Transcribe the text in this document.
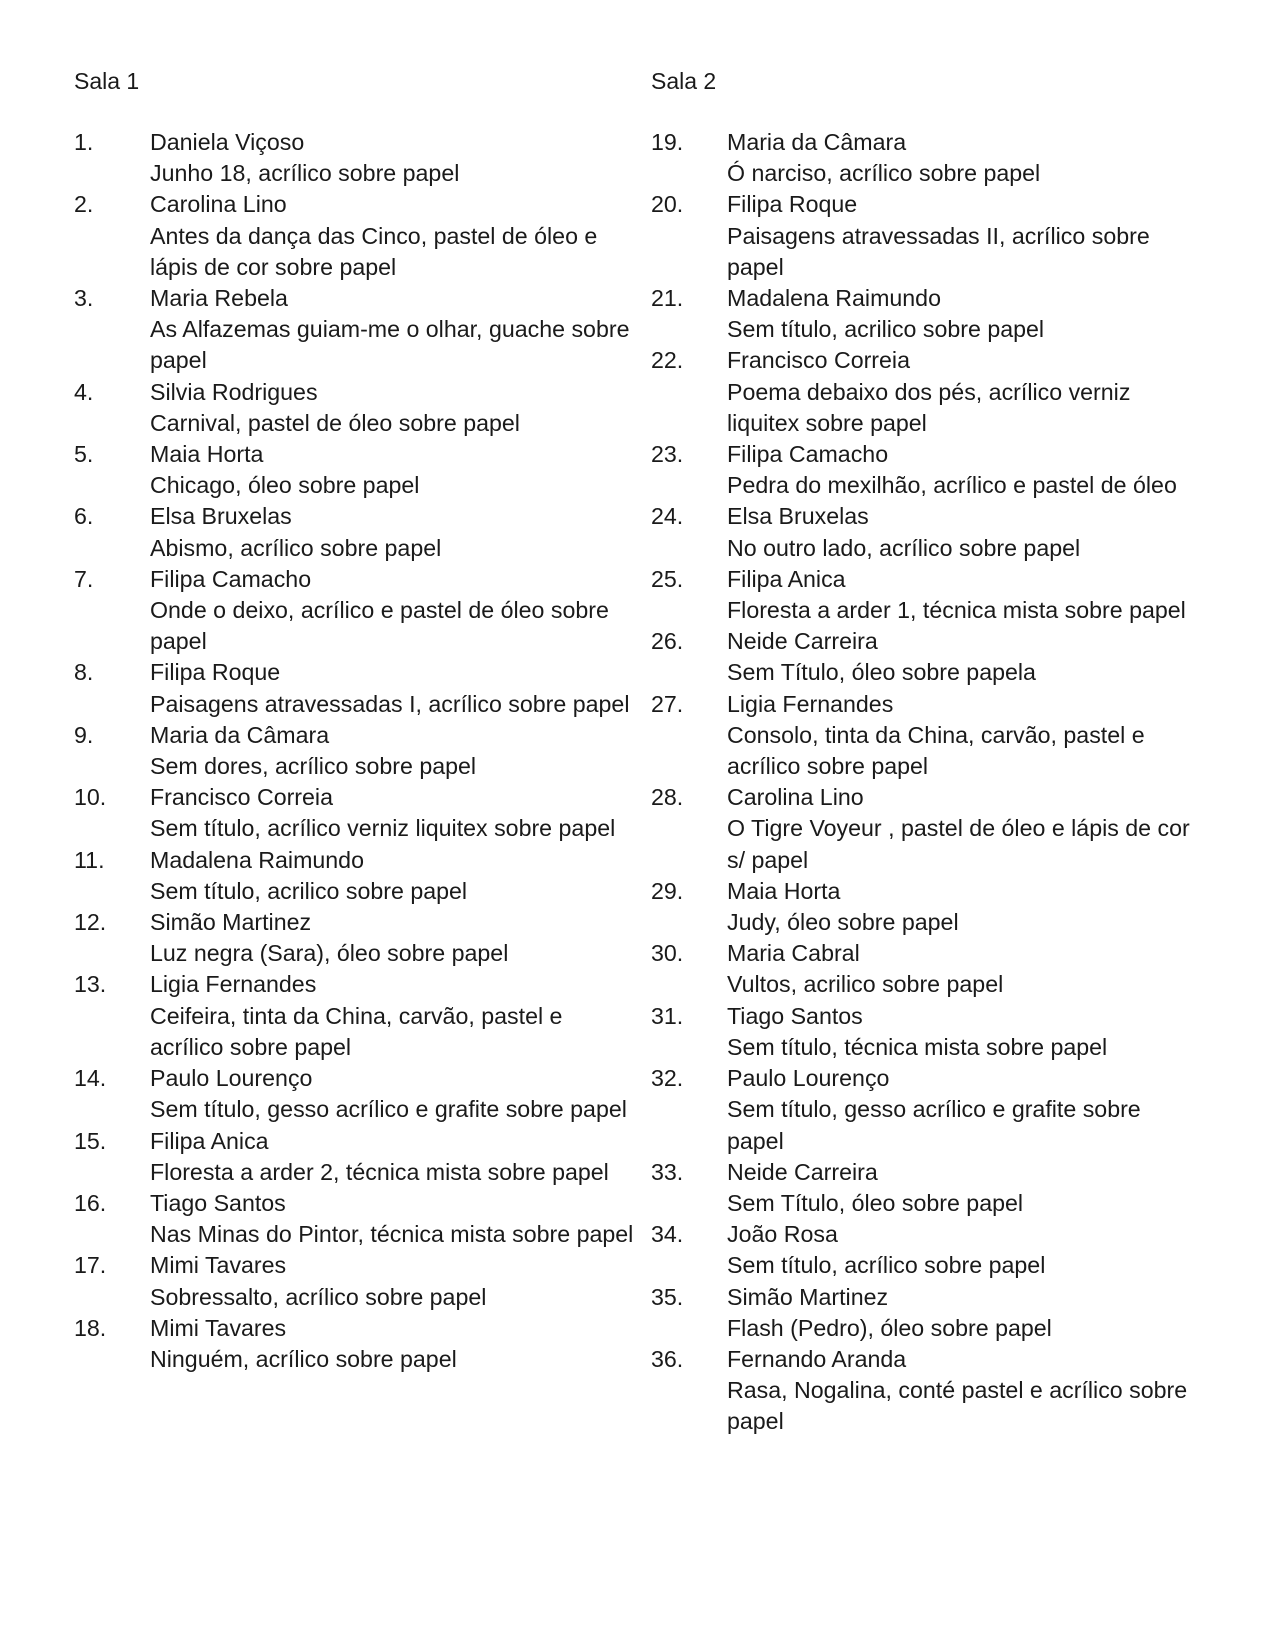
Sala 1
1.	Daniela Viçoso
Junho 18, acrílico sobre papel
2.	Carolina Lino
Antes da dança das Cinco, pastel de óleo e lápis de cor sobre papel
3.	Maria Rebela
As Alfazemas guiam-me o olhar, guache sobre papel
4.	Silvia Rodrigues
Carnival, pastel de óleo sobre papel
5.	Maia Horta
Chicago, óleo sobre papel
6.	Elsa Bruxelas
Abismo, acrílico sobre papel
7.	Filipa Camacho
Onde o deixo, acrílico e pastel de óleo sobre papel
8.	Filipa Roque
Paisagens atravessadas I, acrílico sobre papel
9.	Maria da Câmara
Sem dores, acrílico sobre papel
10.	Francisco Correia
Sem título, acrílico verniz liquitex sobre papel
11.	Madalena Raimundo
Sem título, acrilico sobre papel
12.	Simão Martinez
Luz negra (Sara), óleo sobre papel
13.	Ligia Fernandes
Ceifeira, tinta da China, carvão, pastel e acrílico sobre papel
14.	Paulo Lourenço
Sem título, gesso acrílico e grafite sobre papel
15.	Filipa Anica
Floresta a arder 2, técnica mista sobre papel
16.	Tiago Santos
Nas Minas do Pintor, técnica mista sobre papel
17.	Mimi Tavares
Sobressalto, acrílico sobre papel
18.	Mimi Tavares
Ninguém, acrílico sobre papel
Sala 2
19.	Maria da Câmara
Ó narciso, acrílico sobre papel
20.	Filipa Roque
Paisagens atravessadas II, acrílico sobre papel
21.	Madalena Raimundo
Sem título, acrilico sobre papel
22.	Francisco Correia
Poema debaixo dos pés, acrílico verniz liquitex sobre papel
23.	Filipa Camacho
Pedra do mexilhão, acrílico e pastel de óleo
24.	Elsa Bruxelas
No outro lado, acrílico sobre papel
25.	Filipa Anica
Floresta a arder 1, técnica mista sobre papel
26.	Neide Carreira
Sem Título, óleo sobre papela
27.	Ligia Fernandes
Consolo, tinta da China, carvão, pastel e acrílico sobre papel
28.	Carolina Lino
O Tigre Voyeur , pastel de óleo e lápis de cor s/ papel
29.	Maia Horta
Judy, óleo sobre papel
30.	Maria Cabral
Vultos, acrilico sobre papel
31.	Tiago Santos
Sem título, técnica mista sobre papel
32.	Paulo Lourenço
Sem título, gesso acrílico e grafite sobre papel
33.	Neide Carreira
Sem Título, óleo sobre papel
34.	João Rosa
Sem título, acrílico sobre papel
35.	Simão Martinez
Flash (Pedro), óleo sobre papel
36.	Fernando Aranda
Rasa, Nogalina, conté pastel e acrílico sobre papel
